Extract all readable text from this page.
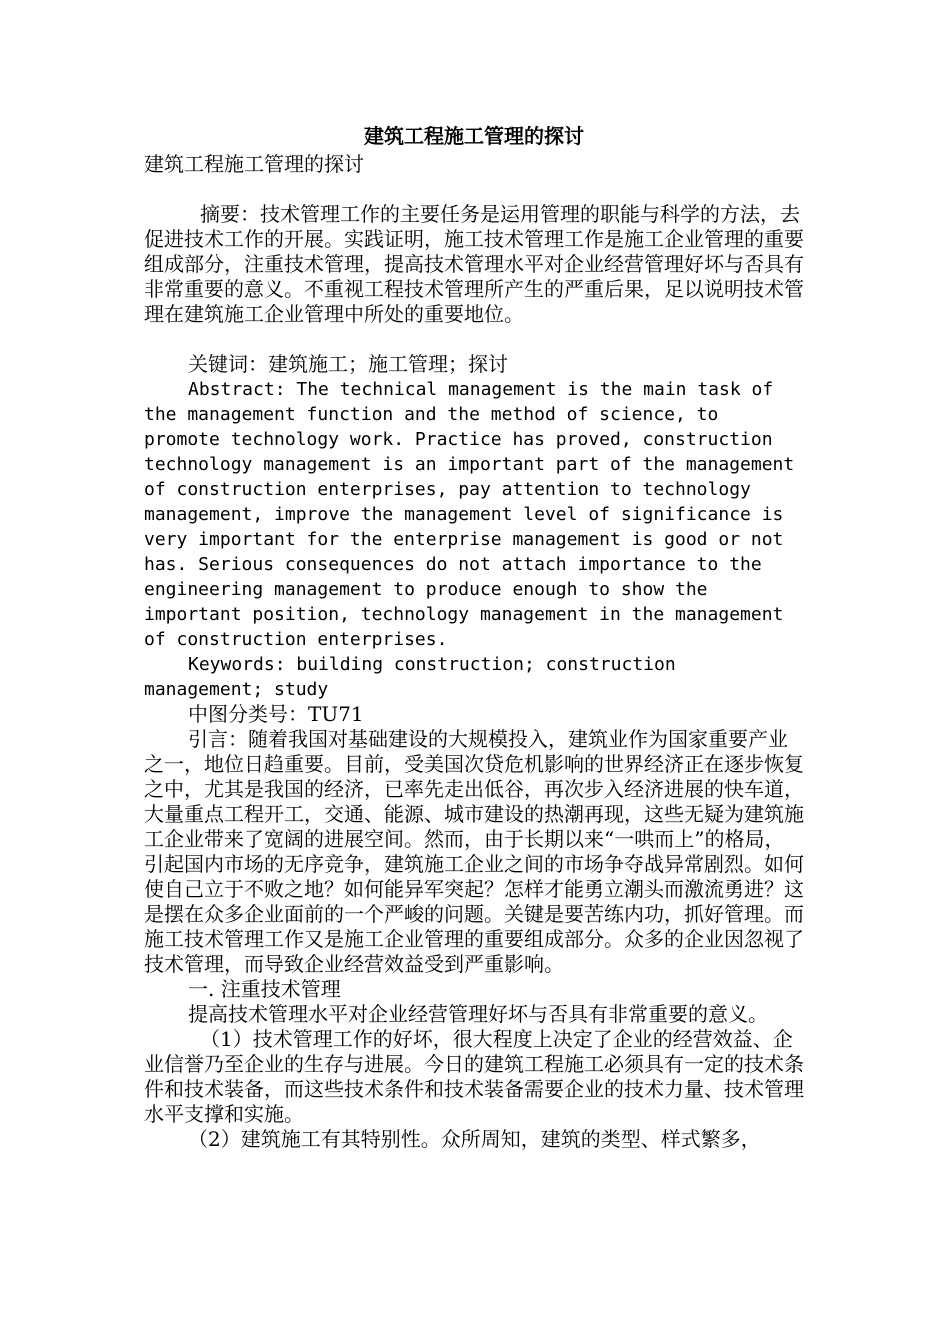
建筑工程施工管理的探讨

建筑工程施工管理的探讨

摘要：技术管理工作的主要任务是运用管理的职能与科学的方法，去促进技术工作的开展。实践证明，施工技术管理工作是施工企业管理的重要组成部分，注重技术管理，提高技术管理水平对企业经营管理好坏与否具有非常重要的意义。不重视工程技术管理所产生的严重后果，足以说明技术管理在建筑施工企业管理中所处的重要地位。

关键词：建筑施工；施工管理；探讨

Abstract: The technical management is the main task of the management function and the method of science, to promote technology work. Practice has proved, construction technology management is an important part of the management of construction enterprises, pay attention to technology management, improve the management level of significance is very important for the enterprise management is good or not has. Serious consequences do not attach importance to the engineering management to produce enough to show the important position, technology management in the management of construction enterprises.

Keywords: building construction; construction management; study

中图分类号：TU71

引言：随着我国对基础建设的大规模投入，建筑业作为国家重要产业之一，地位日趋重要。目前，受美国次贷危机影响的世界经济正在逐步恢复之中，尤其是我国的经济，已率先走出低谷，再次步入经济进展的快车道，大量重点工程开工，交通、能源、城市建设的热潮再现，这些无疑为建筑施工企业带来了宽阔的进展空间。然而，由于长期以来“一哄而上”的格局，引起国内市场的无序竞争，建筑施工企业之间的市场争夺战异常剧烈。如何使自己立于不败之地？如何能异军突起？怎样才能勇立潮头而激流勇进？这是摆在众多企业面前的一个严峻的问题。关键是要苦练内功，抓好管理。而施工技术管理工作又是施工企业管理的重要组成部分。众多的企业因忽视了技术管理，而导致企业经营效益受到严重影响。

一. 注重技术管理

提高技术管理水平对企业经营管理好坏与否具有非常重要的意义。

（1）技术管理工作的好坏，很大程度上决定了企业的经营效益、企业信誉乃至企业的生存与进展。今日的建筑工程施工必须具有一定的技术条件和技术装备，而这些技术条件和技术装备需要企业的技术力量、技术管理水平支撑和实施。

（2）建筑施工有其特别性。众所周知，建筑的类型、样式繁多，
